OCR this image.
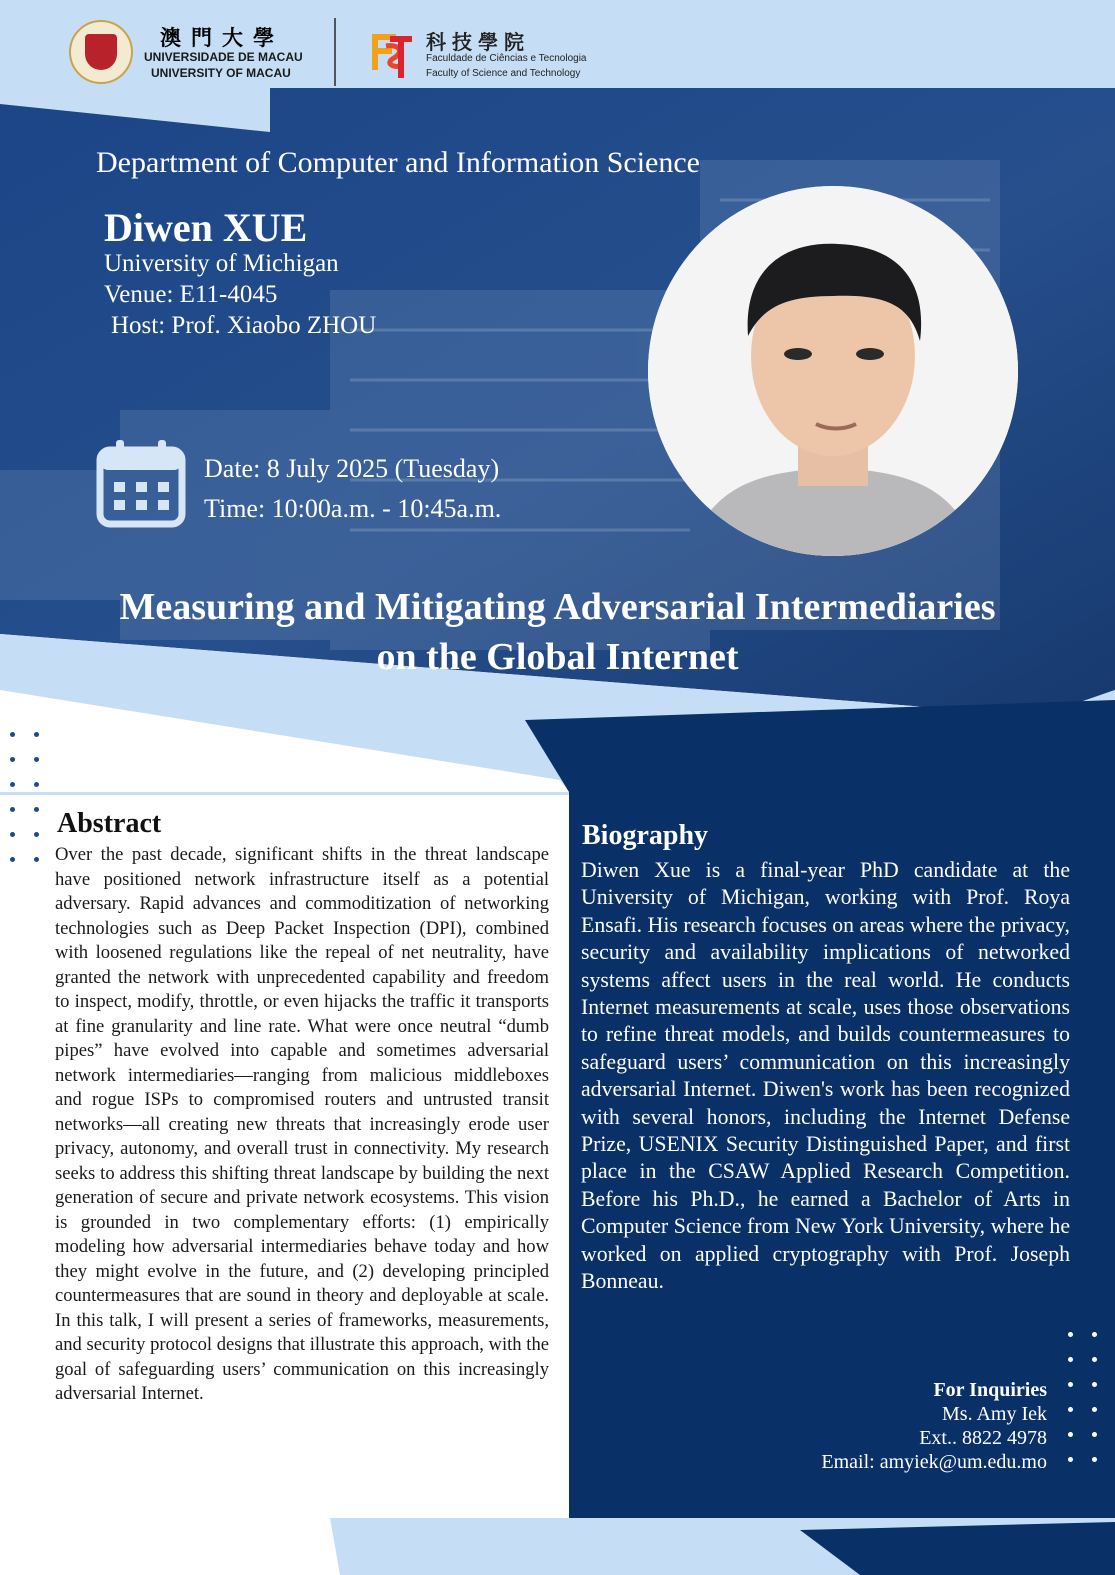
澳門大學
UNIVERSIDADE DE MACAU
UNIVERSITY OF MACAU
科技學院
Faculdade de Ciências e Tecnologia
Faculty of Science and Technology
Department of Computer and Information Science
Diwen XUE
University of Michigan
Venue: E11-4045
Host: Prof. Xiaobo ZHOU
Date: 8 July 2025 (Tuesday)
Time: 10:00a.m. - 10:45a.m.
Measuring and Mitigating Adversarial Intermediaries
on the Global Internet
Abstract
Over the past decade, significant shifts in the threat landscape have positioned network infrastructure itself as a potential adversary. Rapid advances and commoditization of networking technologies such as Deep Packet Inspection (DPI), combined with loosened regulations like the repeal of net neutrality, have granted the network with unprecedented capability and freedom to inspect, modify, throttle, or even hijacks the traffic it transports at fine granularity and line rate. What were once neutral “dumb pipes” have evolved into capable and sometimes adversarial network intermediaries—ranging from malicious middleboxes and rogue ISPs to compromised routers and untrusted transit networks—all creating new threats that increasingly erode user privacy, autonomy, and overall trust in connectivity. My research seeks to address this shifting threat landscape by building the next generation of secure and private network ecosystems. This vision is grounded in two complementary efforts: (1) empirically modeling how adversarial intermediaries behave today and how they might evolve in the future, and (2) developing principled countermeasures that are sound in theory and deployable at scale. In this talk, I will present a series of frameworks, measurements, and security protocol designs that illustrate this approach, with the goal of safeguarding users’ communication on this increasingly adversarial Internet.
Biography
Diwen Xue is a final-year PhD candidate at the University of Michigan, working with Prof. Roya Ensafi. His research focuses on areas where the privacy, security and availability implications of networked systems affect users in the real world. He conducts Internet measurements at scale, uses those observations to refine threat models, and builds countermeasures to safeguard users’ communication on this increasingly adversarial Internet. Diwen's work has been recognized with several honors, including the Internet Defense Prize, USENIX Security Distinguished Paper, and first place in the CSAW Applied Research Competition. Before his Ph.D., he earned a Bachelor of Arts in Computer Science from New York University, where he worked on applied cryptography with Prof. Joseph Bonneau.
For Inquiries
Ms. Amy Iek
Ext.. 8822 4978
Email: amyiek@um.edu.mo
